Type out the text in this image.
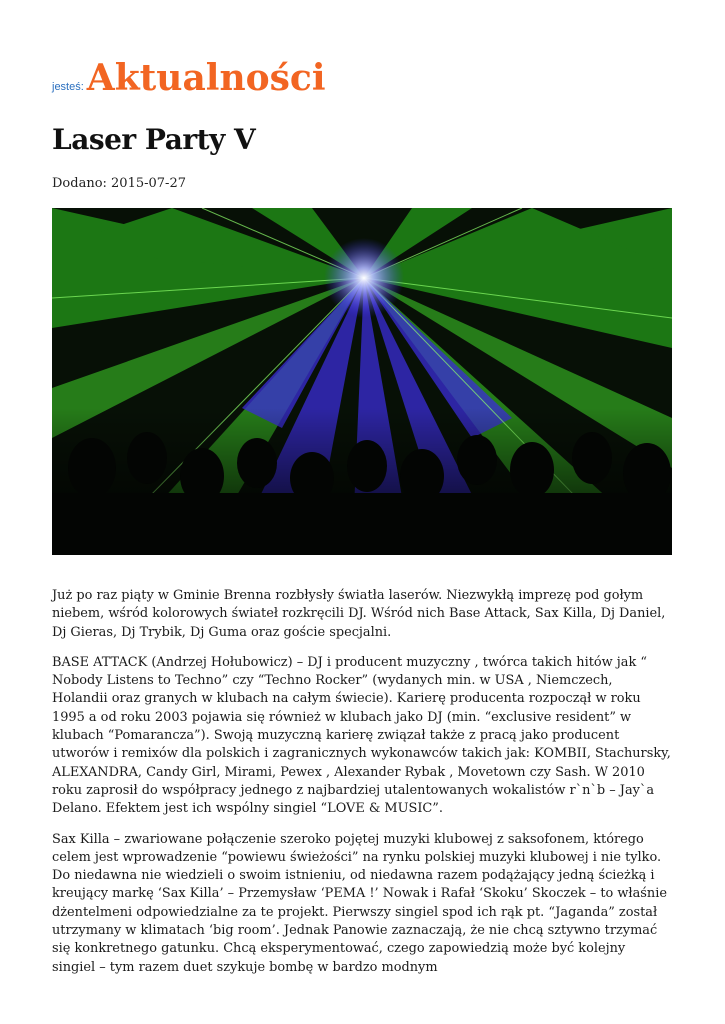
jesteś: Aktualności
Laser Party V
Dodano: 2015-07-27

Już po raz piąty w Gminie Brenna rozbłysły światła laserów. Niezwykłą imprezę pod gołym niebem, wśród kolorowych świateł rozkręcili DJ. Wśród nich Base Attack, Sax Killa, Dj Daniel, Dj Gieras, Dj Trybik, Dj Guma oraz goście specjalni.

BASE ATTACK (Andrzej Hołubowicz) – DJ i producent muzyczny , twórca takich hitów jak “ Nobody Listens to Techno” czy “Techno Rocker” (wydanych min. w USA , Niemczech, Holandii oraz granych w klubach na całym świecie). Karierę producenta rozpoczął w roku 1995 a od roku 2003 pojawia się również w klubach jako DJ (min. “exclusive resident” w klubach “Pomarancza”). Swoją muzyczną karierę związał także z pracą jako producent utworów i remixów dla polskich i zagranicznych wykonawców takich jak: KOMBII, Stachursky, ALEXANDRA, Candy Girl, Mirami, Pewex , Alexander Rybak , Movetown czy Sash. W 2010 roku zaprosił do współpracy jednego z najbardziej utalentowanych wokalistów r`n`b – Jay`a Delano. Efektem jest ich wspólny singiel “LOVE & MUSIC”.

Sax Killa – zwariowane połączenie szeroko pojętej muzyki klubowej z saksofonem, którego celem jest wprowadzenie “powiewu świeżości” na rynku polskiej muzyki klubowej i nie tylko. Do niedawna nie wiedzieli o swoim istnieniu, od niedawna razem podążający jedną ścieżką i kreujący markę ‘Sax Killa’ – Przemysław ‘PEMA !’ Nowak i Rafał ‘Skoku’ Skoczek – to właśnie dżentelmeni odpowiedzialne za te projekt. Pierwszy singiel spod ich rąk pt. “Jaganda” został utrzymany w klimatach ‘big room’. Jednak Panowie zaznaczają, że nie chcą sztywno trzymać się konkretnego gatunku. Chcą eksperymentować, czego zapowiedzią może być kolejny singiel – tym razem duet szykuje bombę w bardzo modnym
